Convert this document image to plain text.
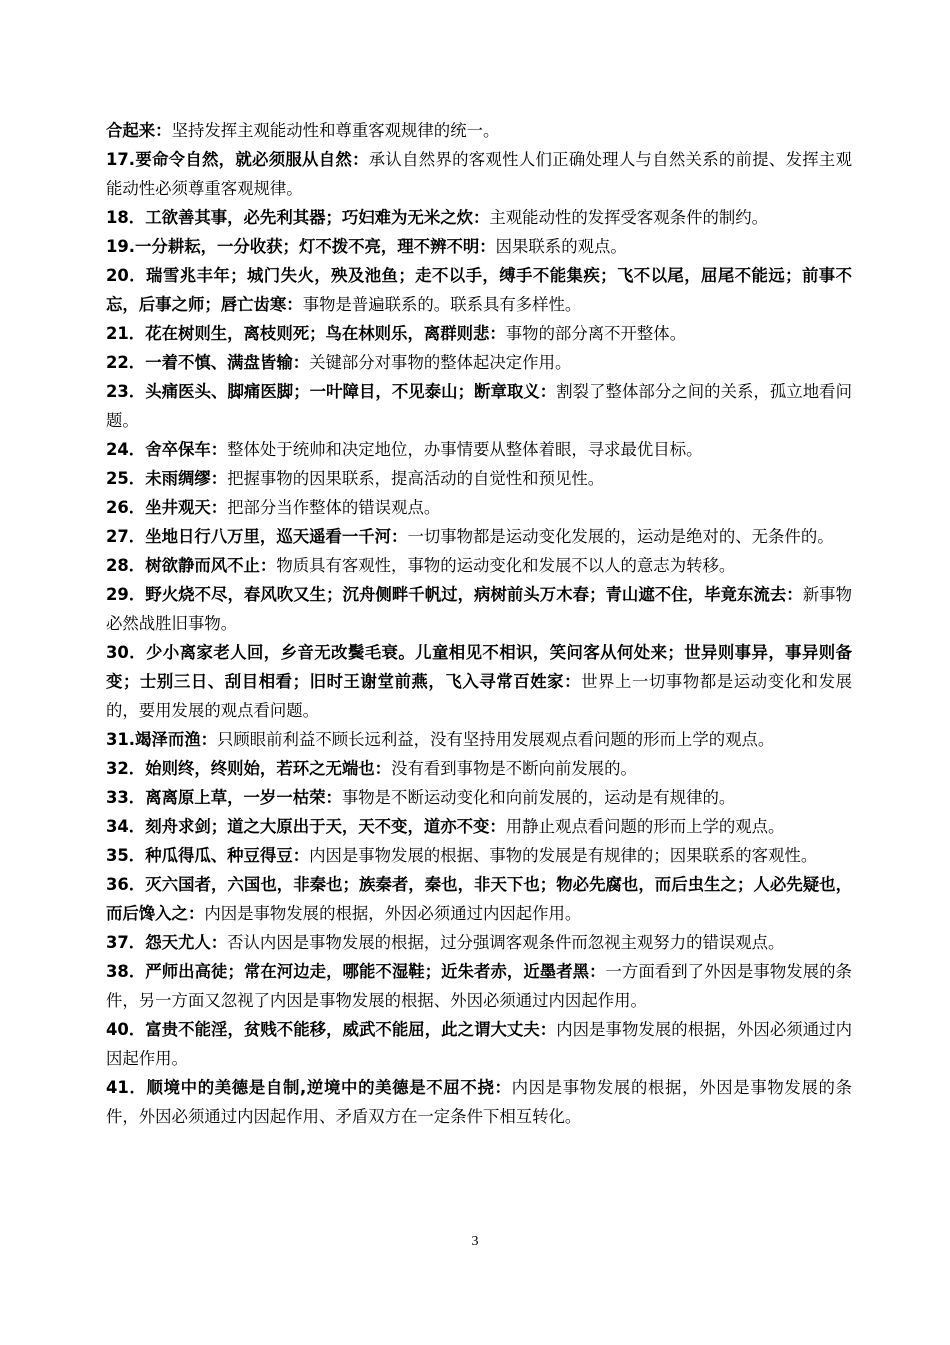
合起来：坚持发挥主观能动性和尊重客观规律的统一。

17.要命令自然，就必须服从自然：承认自然界的客观性人们正确处理人与自然关系的前提、发挥主观能动性必须尊重客观规律。

18．工欲善其事，必先利其器；巧妇难为无米之炊：主观能动性的发挥受客观条件的制约。

19.一分耕耘，一分收获；灯不拨不亮，理不辨不明：因果联系的观点。

20．瑞雪兆丰年；城门失火，殃及池鱼；走不以手，缚手不能集疾；飞不以尾，屈尾不能远；前事不忘，后事之师；唇亡齿寒：事物是普遍联系的。联系具有多样性。

21．花在树则生，离枝则死；鸟在林则乐，离群则悲：事物的部分离不开整体。

22．一着不慎、满盘皆输：关键部分对事物的整体起决定作用。

23．头痛医头、脚痛医脚；一叶障目，不见泰山；断章取义：割裂了整体部分之间的关系，孤立地看问题。

24．舍卒保车：整体处于统帅和决定地位，办事情要从整体着眼，寻求最优目标。

25．未雨绸缪：把握事物的因果联系，提高活动的自觉性和预见性。

26．坐井观天：把部分当作整体的错误观点。

27．坐地日行八万里，巡天遥看一千河：一切事物都是运动变化发展的，运动是绝对的、无条件的。

28．树欲静而风不止：物质具有客观性，事物的运动变化和发展不以人的意志为转移。

29．野火烧不尽，春风吹又生；沉舟侧畔千帆过，病树前头万木春；青山遮不住，毕竟东流去：新事物必然战胜旧事物。

30．少小离家老人回，乡音无改鬓毛衰。儿童相见不相识，笑问客从何处来；世异则事异，事异则备变；士别三日、刮目相看；旧时王谢堂前燕，飞入寻常百姓家：世界上一切事物都是运动变化和发展的，要用发展的观点看问题。

31.竭泽而渔：只顾眼前利益不顾长远利益，没有坚持用发展观点看问题的形而上学的观点。

32．始则终，终则始，若环之无端也：没有看到事物是不断向前发展的。

33．离离原上草，一岁一枯荣：事物是不断运动变化和向前发展的，运动是有规律的。

34．刻舟求剑；道之大原出于天，天不变，道亦不变：用静止观点看问题的形而上学的观点。

35．种瓜得瓜、种豆得豆：内因是事物发展的根据、事物的发展是有规律的；因果联系的客观性。

36．灭六国者，六国也，非秦也；族秦者，秦也，非天下也；物必先腐也，而后虫生之；人必先疑也，而后馋入之：内因是事物发展的根据，外因必须通过内因起作用。

37．怨天尤人：否认内因是事物发展的根据，过分强调客观条件而忽视主观努力的错误观点。

38．严师出高徒；常在河边走，哪能不湿鞋；近朱者赤，近墨者黑：一方面看到了外因是事物发展的条件，另一方面又忽视了内因是事物发展的根据、外因必须通过内因起作用。

40．富贵不能淫，贫贱不能移，威武不能屈，此之谓大丈夫：内因是事物发展的根据，外因必须通过内因起作用。

41．顺境中的美德是自制,逆境中的美德是不屈不挠：内因是事物发展的根据，外因是事物发展的条件，外因必须通过内因起作用、矛盾双方在一定条件下相互转化。

3
